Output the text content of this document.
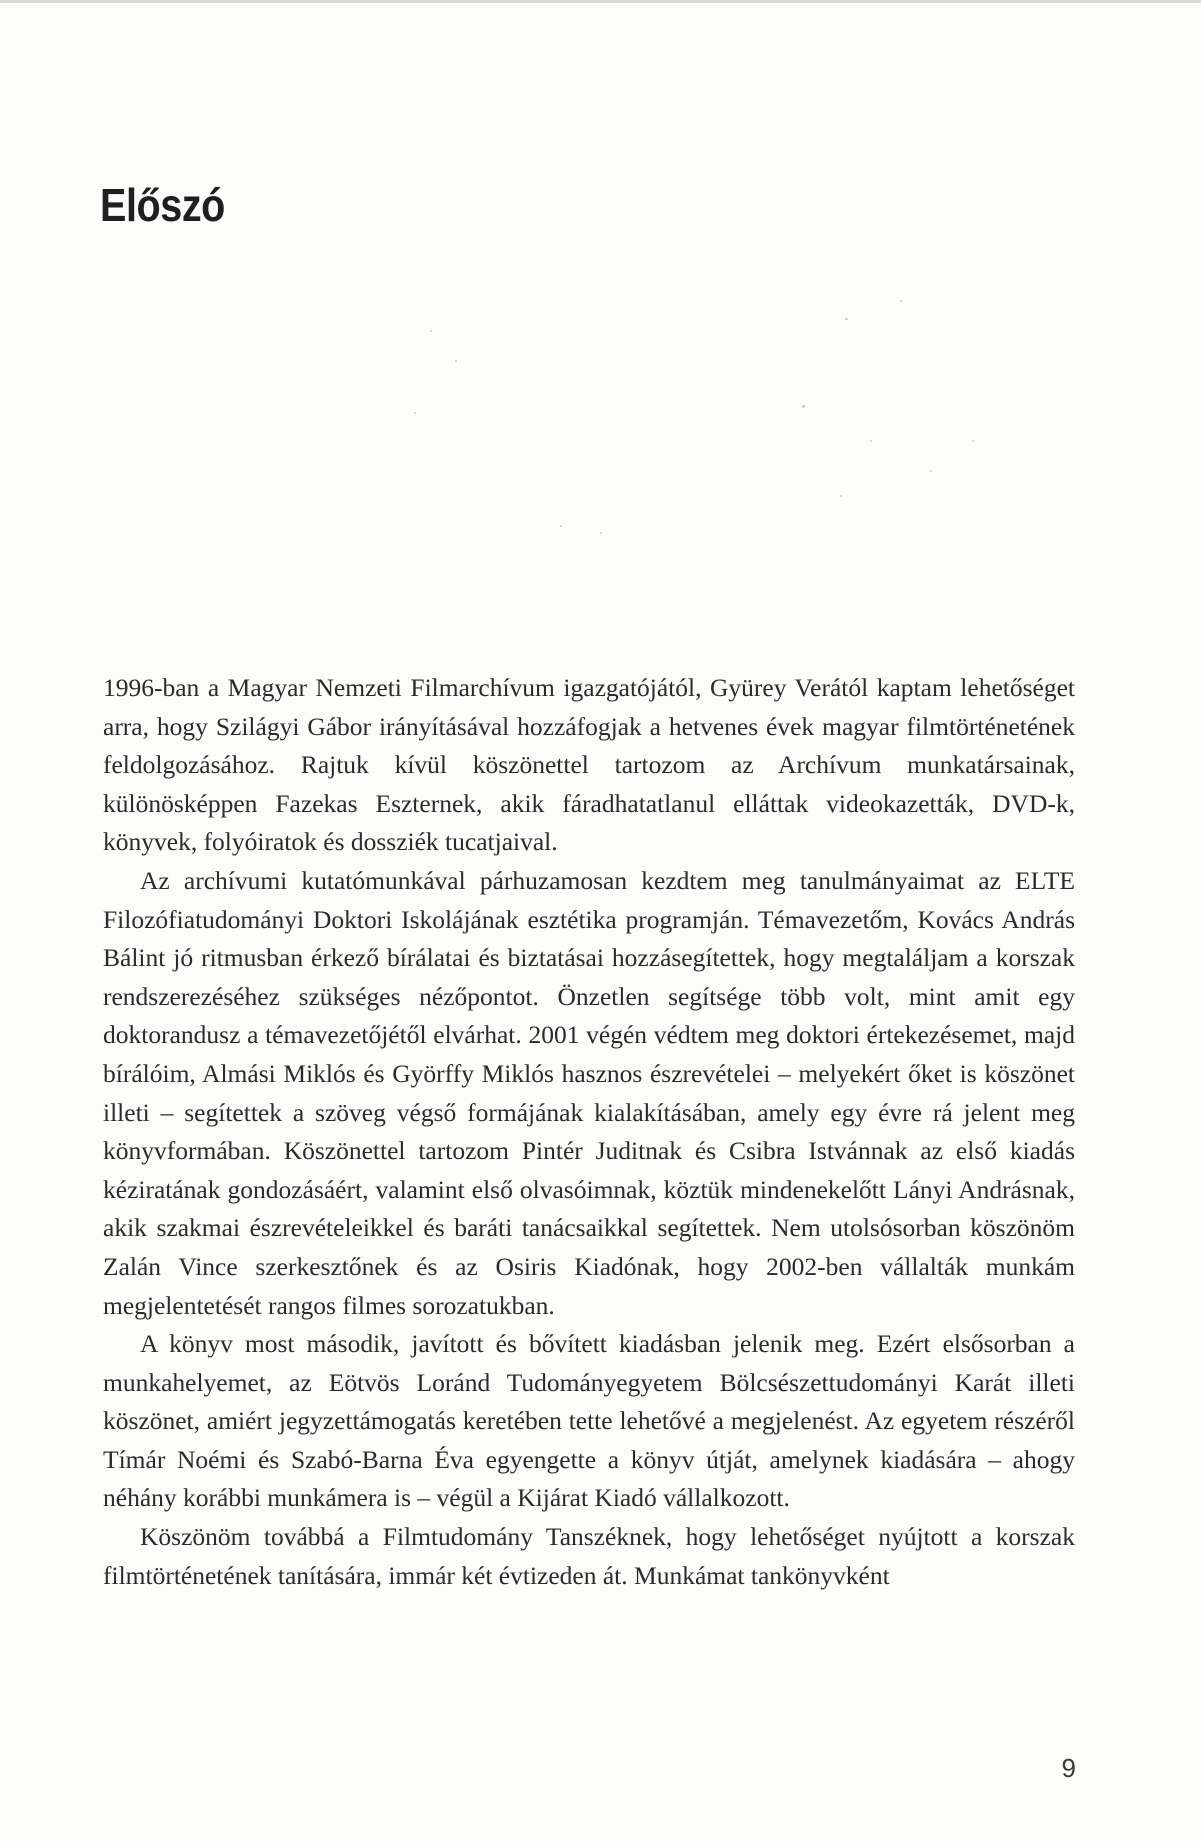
Előszó

1996-ban a Magyar Nemzeti Filmarchívum igazgatójától, Gyürey Verától kaptam lehetőséget arra, hogy Szilágyi Gábor irányításával hozzáfogjak a hetvenes évek magyar filmtörténetének feldolgozásához. Rajtuk kívül köszönettel tartozom az Archívum munkatársainak, különösképpen Fazekas Eszternek, akik fáradhatatlanul elláttak videokazetták, DVD-k, könyvek, folyóiratok és dossziék tucatjaival.

Az archívumi kutatómunkával párhuzamosan kezdtem meg tanulmányaimat az ELTE Filozófiatudományi Doktori Iskolájának esztétika programján. Témavezetőm, Kovács András Bálint jó ritmusban érkező bírálatai és biztatásai hozzásegítettek, hogy megtaláljam a korszak rendszerezéséhez szükséges nézőpontot. Önzetlen segítsége több volt, mint amit egy doktorandusz a témavezetőjétől elvárhat. 2001 végén védtem meg doktori értekezésemet, majd bírálóim, Almási Miklós és Györffy Miklós hasznos észrevételei – melyekért őket is köszönet illeti – segítettek a szöveg végső formájának kialakításában, amely egy évre rá jelent meg könyvformában. Köszönettel tartozom Pintér Juditnak és Csibra Istvánnak az első kiadás kéziratának gondozásáért, valamint első olvasóimnak, köztük mindenekelőtt Lányi Andrásnak, akik szakmai észrevételeikkel és baráti tanácsaikkal segítettek. Nem utolsósorban köszönöm Zalán Vince szerkesztőnek és az Osiris Kiadónak, hogy 2002-ben vállalták munkám megjelentetését rangos filmes sorozatukban.

A könyv most második, javított és bővített kiadásban jelenik meg. Ezért elsősorban a munkahelyemet, az Eötvös Loránd Tudományegyetem Bölcsészettudományi Karát illeti köszönet, amiért jegyzettámogatás keretében tette lehetővé a megjelenést. Az egyetem részéről Tímár Noémi és Szabó-Barna Éva egyengette a könyv útját, amelynek kiadására – ahogy néhány korábbi munkámera is – végül a Kijárat Kiadó vállalkozott.

Köszönöm továbbá a Filmtudomány Tanszéknek, hogy lehetőséget nyújtott a korszak filmtörténetének tanítására, immár két évtizeden át. Munkámat tankönyvként

9
